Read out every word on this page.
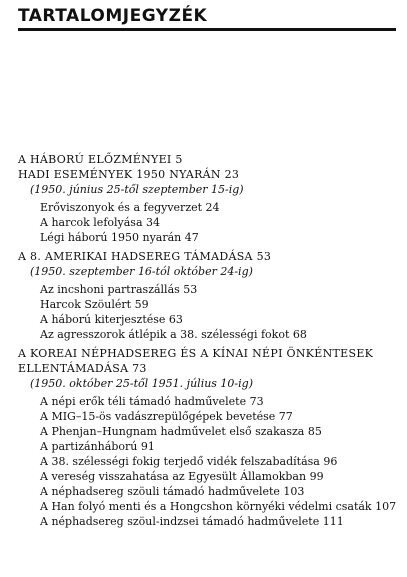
TARTALOMJEGYZÉK

A HÁBORÚ ELŐZMÉNYEI 5

HADI ESEMÉNYEK 1950 NYARÁN 23

(1950. június 25-től szeptember 15-ig)

Erőviszonyok és a fegyverzet 24
A harcok lefolyása 34
Légi háború 1950 nyarán 47

A 8. AMERIKAI HADSEREG TÁMADÁSA 53

(1950. szeptember 16-tól október 24-ig)

Az incshoni partraszállás 53
Harcok Szöulért 59
A háború kiterjesztése 63
Az agresszorok átlépik a 38. szélességi fokot 68

A KOREAI NÉPHADSEREG ÉS A KÍNAI NÉPI ÖNKÉNTESEK ELLENTÁMADÁSA 73

(1950. október 25-től 1951. július 10-ig)

A népi erők téli támadó hadművelete 73
A MIG–15-ös vadászrepülőgépek bevetése 77
A Phenjan–Hungnam hadművelet első szakasza 85
A partizánháború 91
A 38. szélességi fokig terjedő vidék felszabadítása 96
A vereség visszahatása az Egyesült Államokban 99
A néphadsereg szöuli támadó hadművelete 103
A Han folyó menti és a Hongcshon környéki védelmi csaták 107
A néphadsereg szöul-indzsei támadó hadművelete 111
